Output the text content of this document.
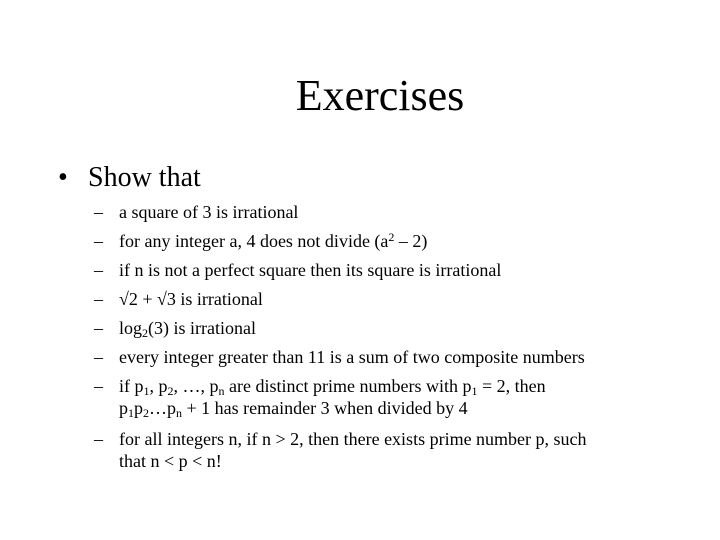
Exercises
• Show that
– a square of 3 is irrational
– for any integer a, 4 does not divide $(a^2 - 2)$
– if n is not a perfect square then its square is irrational
– √2 + √3 is irrational
– $\log_2(3)$ is irrational
– every integer greater than 11 is a sum of two composite numbers
– if $p_1$, $p_2$, …, $p_n$ are distinct prime numbers with $p_1 = 2$, then
$p_1p_2\dots p_n + 1$ has remainder 3 when divided by 4
– for all integers n, if n > 2, then there exists prime number p, such
that n < p < n!
